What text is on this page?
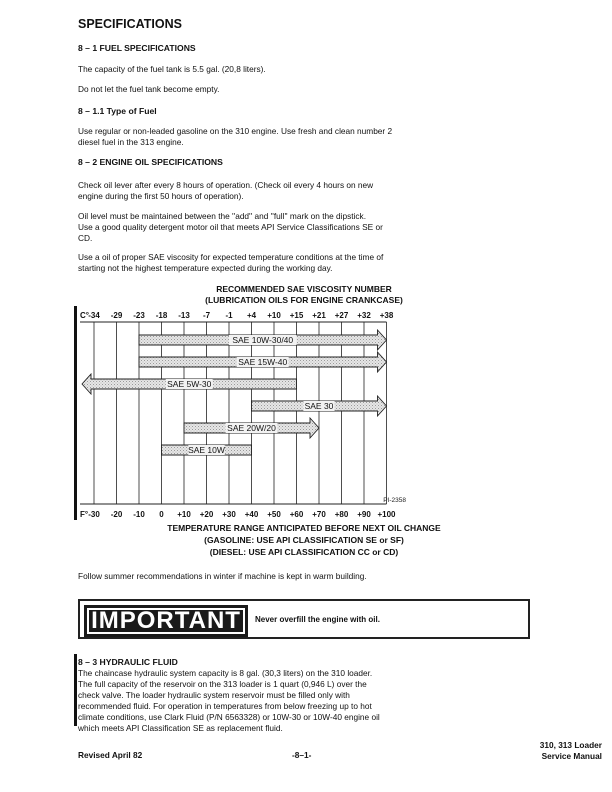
SPECIFICATIONS
8 – 1 FUEL SPECIFICATIONS
The capacity of the fuel tank is 5.5 gal. (20,8 liters).
Do not let the fuel tank become empty.
8 – 1.1 Type of Fuel
Use regular or non-leaded gasoline on the 310 engine. Use fresh and clean number 2
diesel fuel in the 313 engine.
8 – 2 ENGINE OIL SPECIFICATIONS
Check oil lever after every 8 hours of operation. (Check oil every 4 hours on new
engine during the first 50 hours of operation).
Oil level must be maintained between the ''add'' and ''full'' mark on the dipstick.
Use a good quality detergent motor oil that meets API Service Classifications SE or
CD.
Use a oil of proper SAE viscosity for expected temperature conditions at the time of
starting not the highest temperature expected during the working day.
RECOMMENDED SAE VISCOSITY NUMBER
(LUBRICATION OILS FOR ENGINE CRANKCASE)
C° -34 -29 -23 -18 -13 -7 -1 +4 +10 +15 +21 +27 +32 +38
SAE 10W-30/40
SAE 15W-40
SAE 5W-30
SAE 30
SAE 20W/20
SAE 10W
F° -30 -20 -10 0 +10 +20 +30 +40 +50 +60 +70 +80 +90 +100
PI-2358
TEMPERATURE RANGE ANTICIPATED BEFORE NEXT OIL CHANGE
(GASOLINE: USE API CLASSIFICATION SE or SF)
(DIESEL: USE API CLASSIFICATION CC or CD)
Follow summer recommendations in winter if machine is kept in warm building.
IMPORTANT	Never overfill the engine with oil.
8 – 3 HYDRAULIC FLUID
The chaincase hydraulic system capacity is 8 gal. (30,3 liters) on the 310 loader.
The full capacity of the reservoir on the 313 loader is 1 quart (0,946 L) over the
check valve. The loader hydraulic system reservoir must be filled only with
recommended fluid. For operation in temperatures from below freezing up to hot
climate conditions, use Clark Fluid (P/N 6563328) or 10W-30 or 10W-40 engine oil
which meets API Classification SE as replacement fluid.
Revised April 82	-8–1-
310, 313 Loader
Service Manual
